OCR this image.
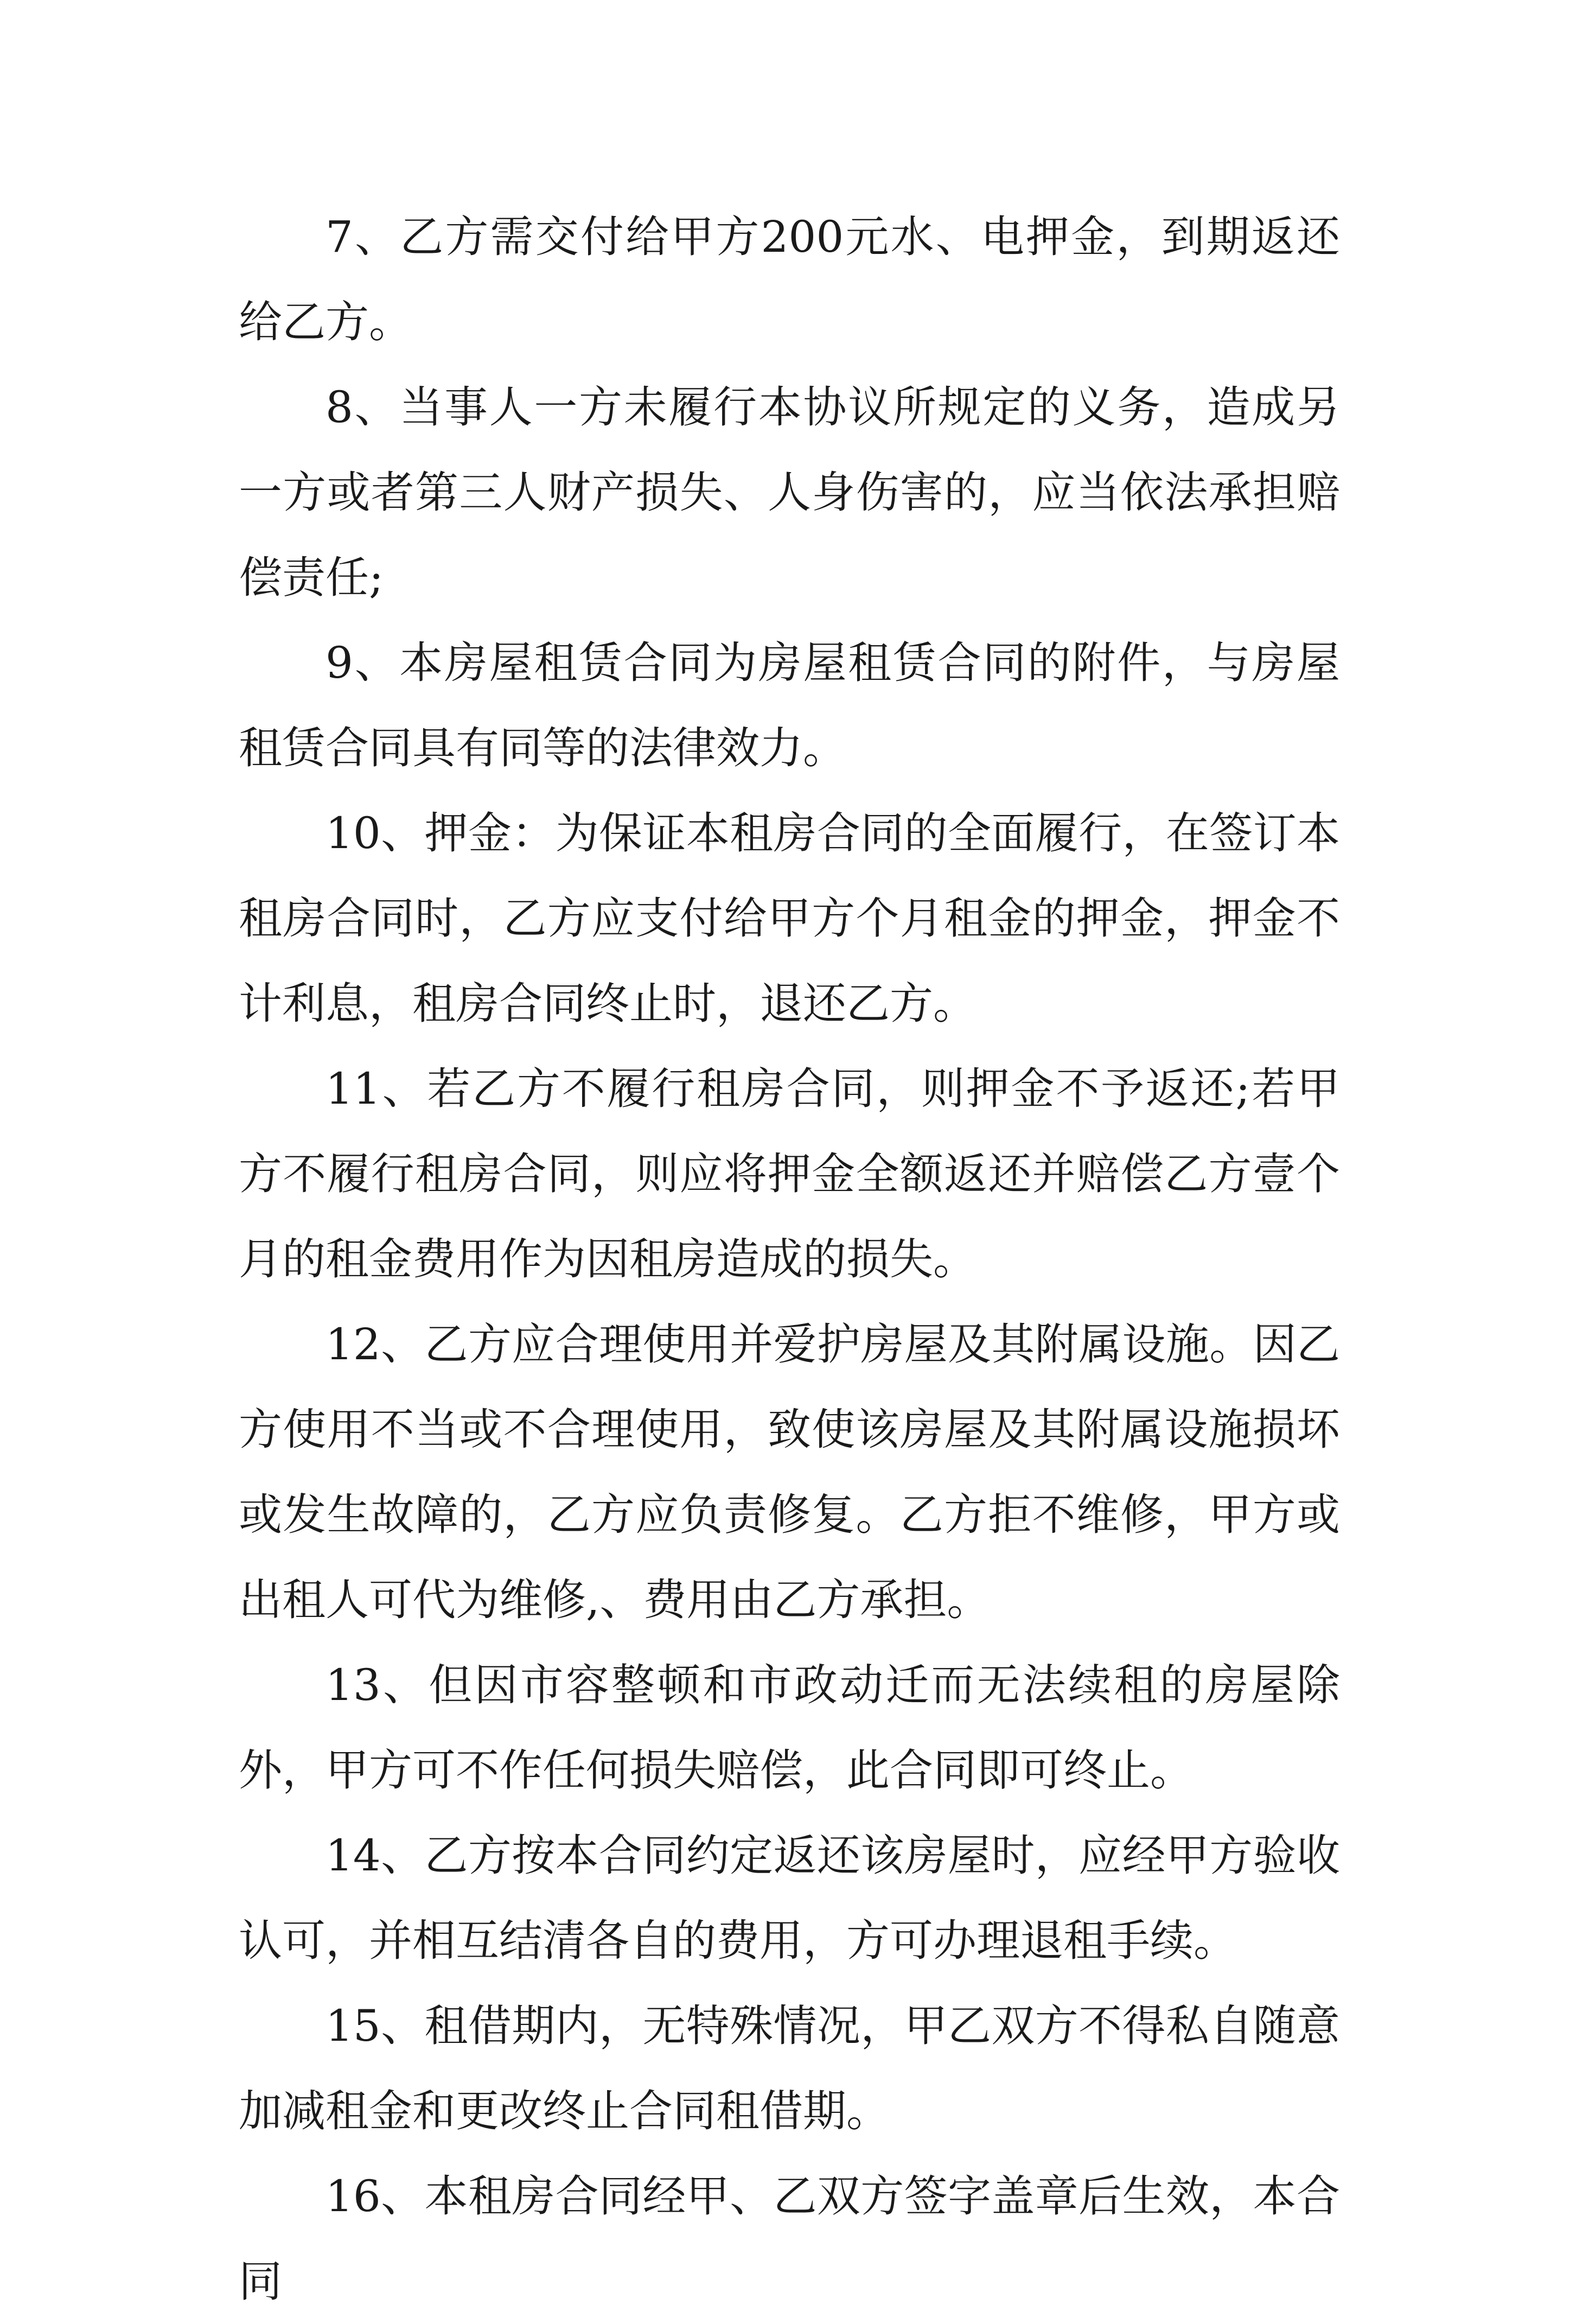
7、乙方需交付给甲方200元水、电押金，到期返还给乙方。

8、当事人一方未履行本协议所规定的义务，造成另一方或者第三人财产损失、人身伤害的，应当依法承担赔偿责任;

9、本房屋租赁合同为房屋租赁合同的附件，与房屋租赁合同具有同等的法律效力。

10、押金：为保证本租房合同的全面履行，在签订本租房合同时，乙方应支付给甲方个月租金的押金，押金不计利息，租房合同终止时，退还乙方。

11、若乙方不履行租房合同，则押金不予返还;若甲方不履行租房合同，则应将押金全额返还并赔偿乙方壹个月的租金费用作为因租房造成的损失。

12、乙方应合理使用并爱护房屋及其附属设施。因乙方使用不当或不合理使用，致使该房屋及其附属设施损坏或发生故障的，乙方应负责修复。乙方拒不维修，甲方或出租人可代为维修,、费用由乙方承担。

13、但因市容整顿和市政动迁而无法续租的房屋除外，甲方可不作任何损失赔偿，此合同即可终止。

14、乙方按本合同约定返还该房屋时，应经甲方验收认可，并相互结清各自的费用，方可办理退租手续。

15、租借期内，无特殊情况，甲乙双方不得私自随意加减租金和更改终止合同租借期。

16、本租房合同经甲、乙双方签字盖章后生效，本合同
